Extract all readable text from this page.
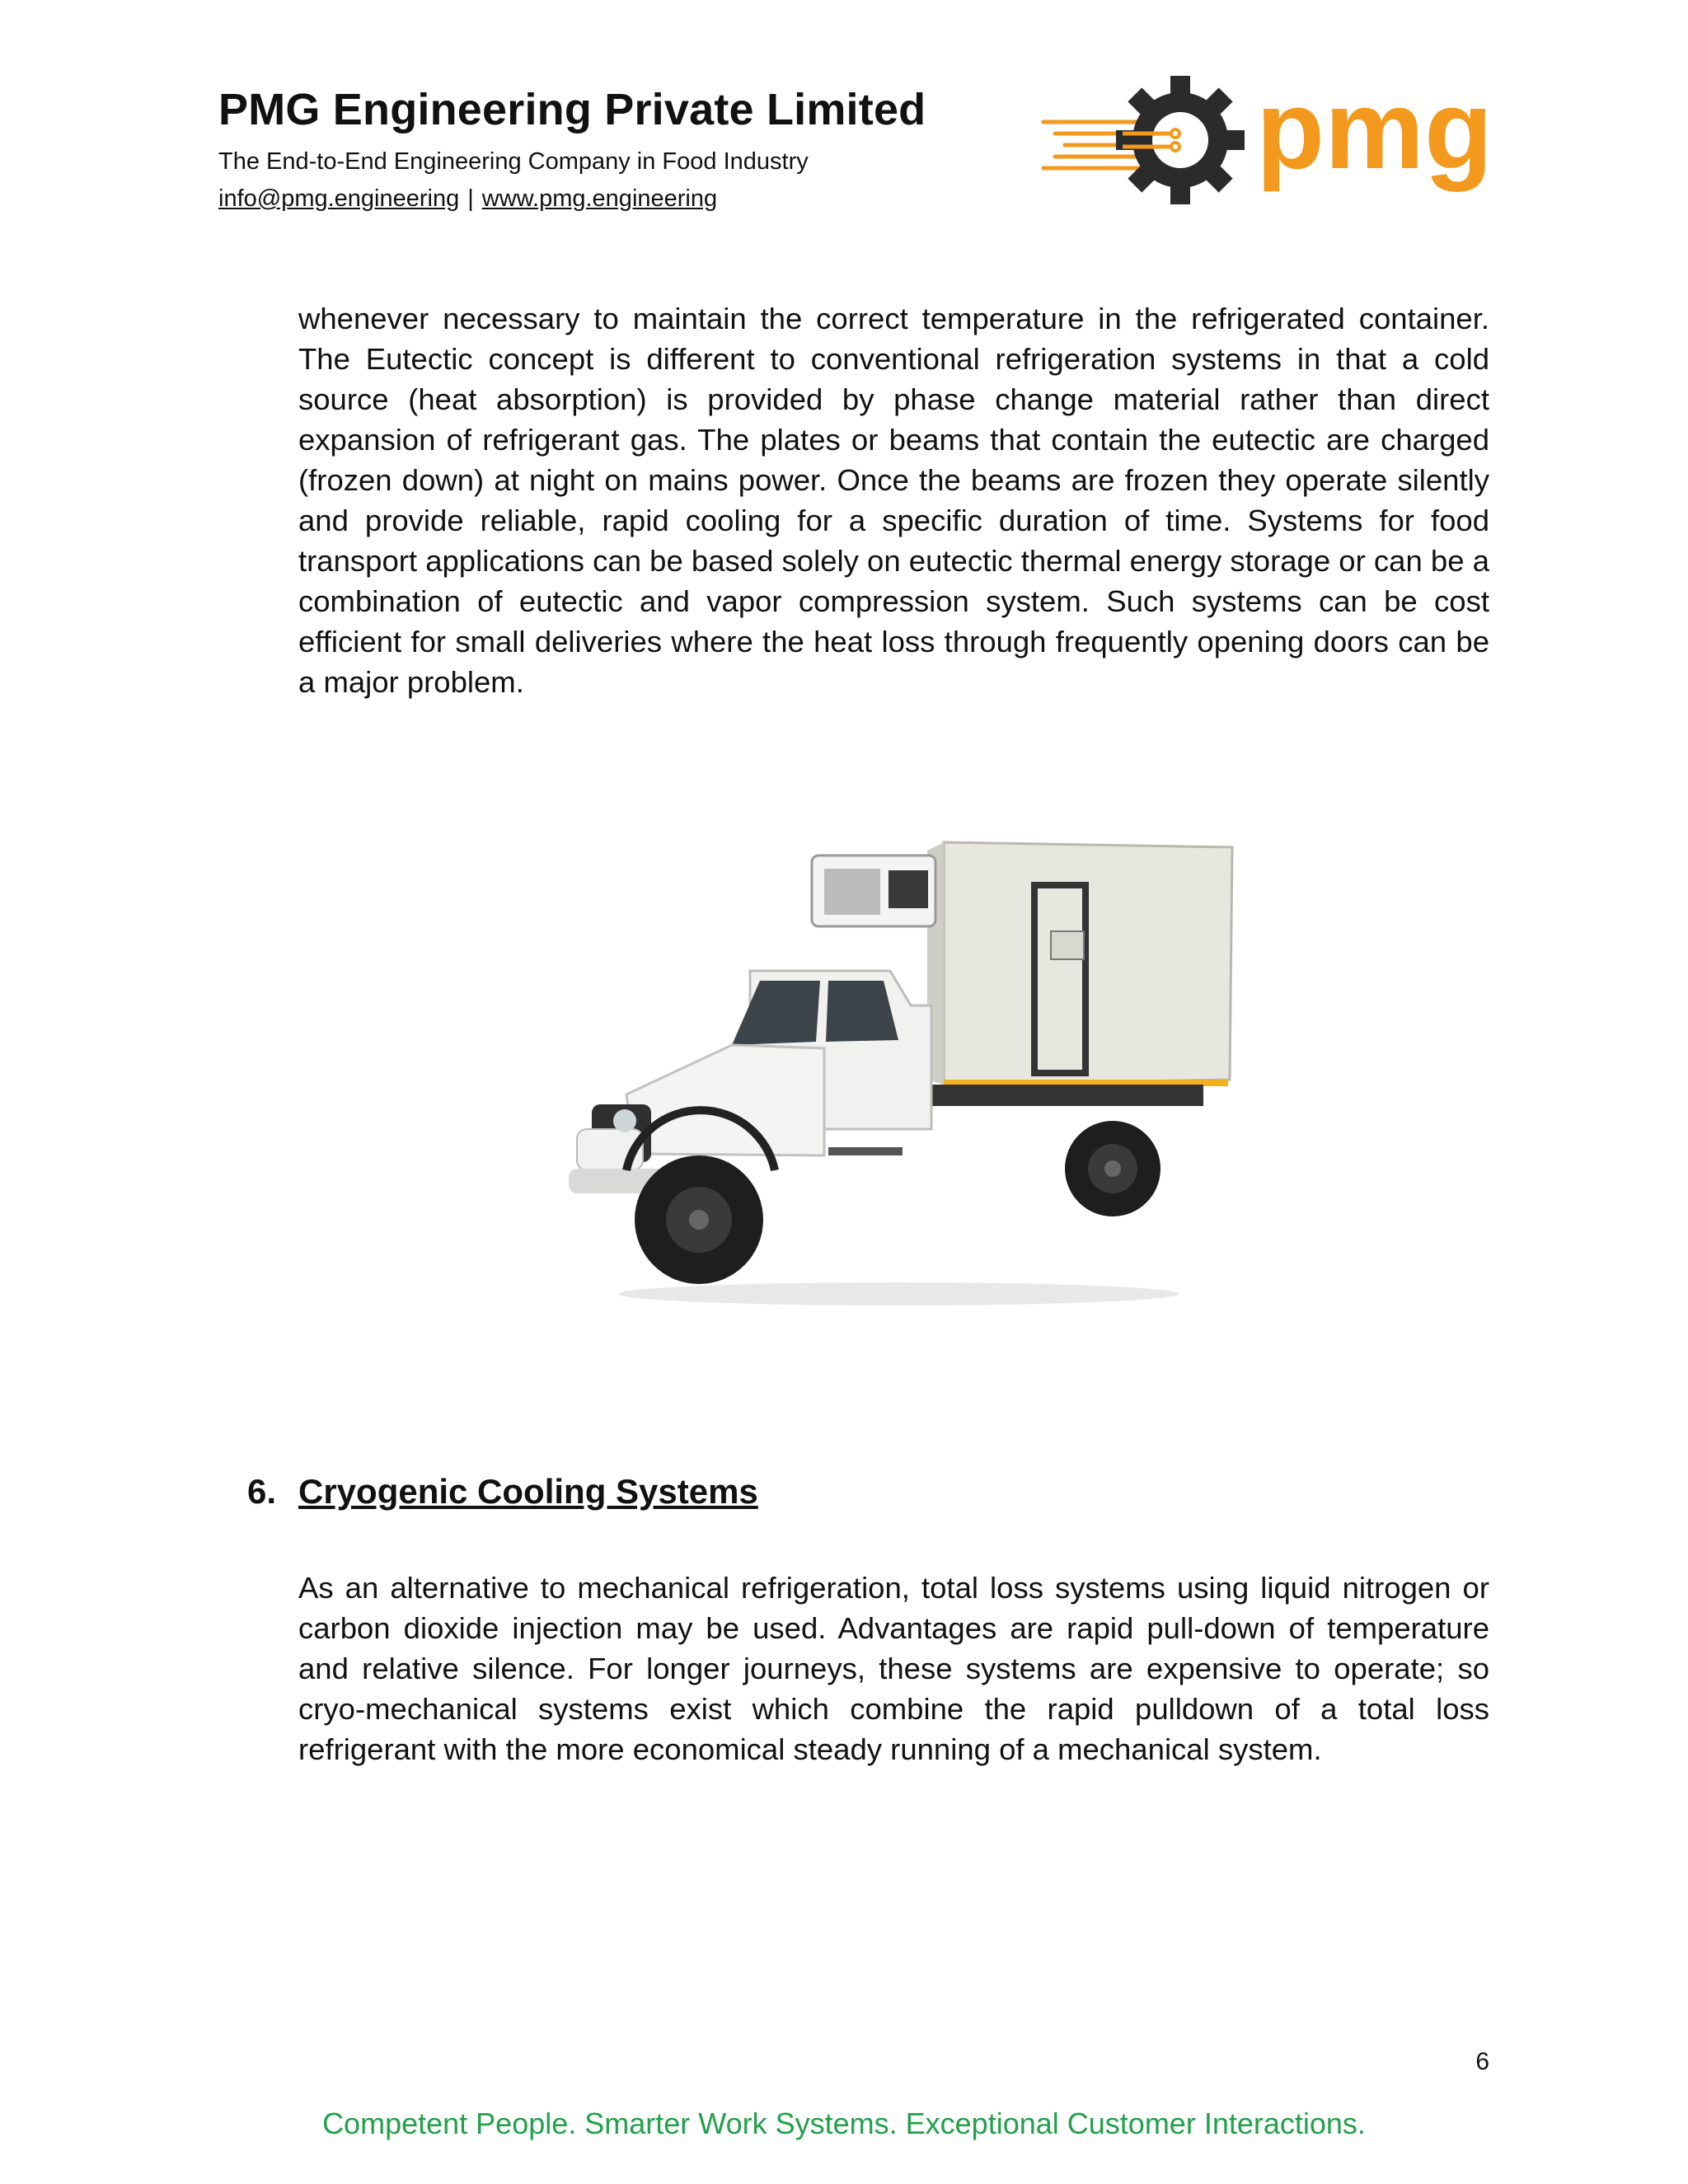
PMG Engineering Private Limited
The End-to-End Engineering Company in Food Industry
info@pmg.engineering | www.pmg.engineering
pmg
whenever necessary to maintain the correct temperature in the refrigerated container. The Eutectic concept is different to conventional refrigeration systems in that a cold source (heat absorption) is provided by phase change material rather than direct expansion of refrigerant gas. The plates or beams that contain the eutectic are charged (frozen down) at night on mains power. Once the beams are frozen they operate silently and provide reliable, rapid cooling for a specific duration of time. Systems for food transport applications can be based solely on eutectic thermal energy storage or can be a combination of eutectic and vapor compression system. Such systems can be cost efficient for small deliveries where the heat loss through frequently opening doors can be a major problem.
6. Cryogenic Cooling Systems
As an alternative to mechanical refrigeration, total loss systems using liquid nitrogen or carbon dioxide injection may be used. Advantages are rapid pull-down of temperature and relative silence. For longer journeys, these systems are expensive to operate; so cryo-mechanical systems exist which combine the rapid pulldown of a total loss refrigerant with the more economical steady running of a mechanical system.
6
Competent People. Smarter Work Systems. Exceptional Customer Interactions.
